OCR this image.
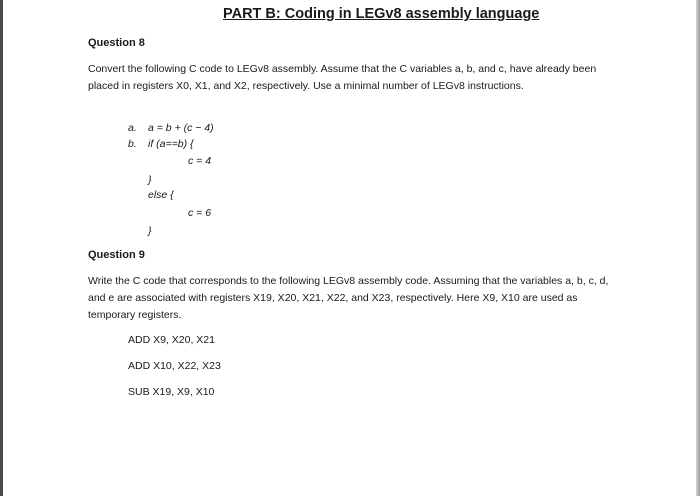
PART B: Coding in LEGv8 assembly language
Question 8
Convert the following C code to LEGv8 assembly. Assume that the C variables a, b, and c, have already been placed in registers X0, X1, and X2, respectively. Use a minimal number of LEGv8 instructions.
a. a = b + (c − 4)
b. if (a==b) {
c = 4
}
else {
c = 6
}
Question 9
Write the C code that corresponds to the following LEGv8 assembly code. Assuming that the variables a, b, c, d, and e are associated with registers X19, X20, X21, X22, and X23, respectively. Here X9, X10 are used as temporary registers.
ADD X9, X20, X21
ADD X10, X22, X23
SUB X19, X9, X10
